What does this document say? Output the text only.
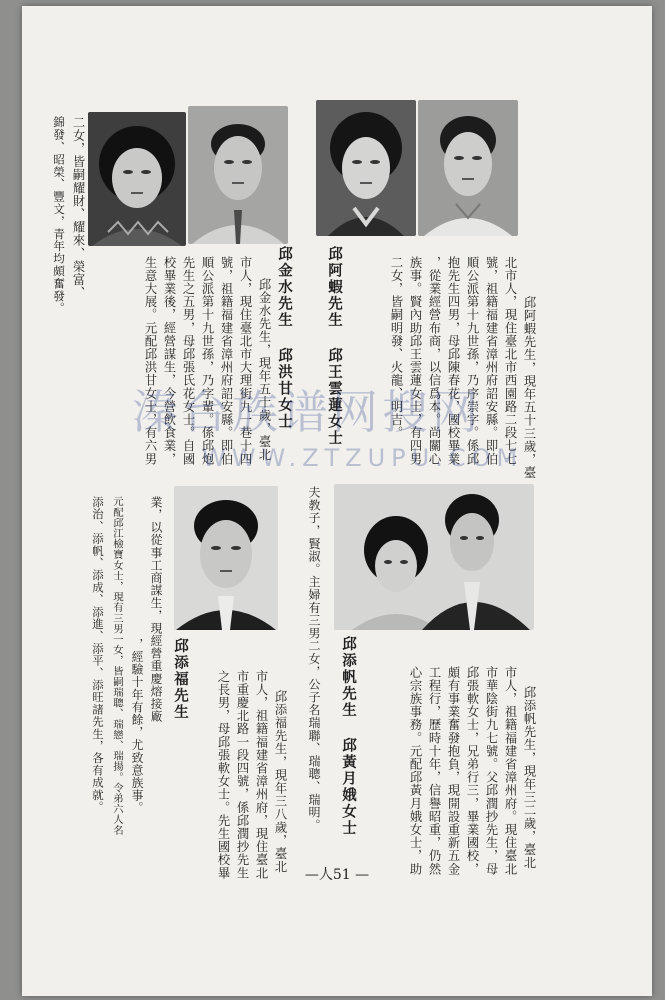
邱阿蝦先生 邱王雲蓮女士	邱阿蝦先生，現年五十三歲，臺
北市人，現住臺北市西園路二段七七
號，祖籍福建省漳州府詔安縣。即伯
順公派第十九世孫，乃序崇字。係邱
抱先生四男，母邱陳春花，國校畢業
，從業經營布商，以信爲本。尚關心
族事。賢內助邱王雲蓮女士，有四男
二女，皆嗣明發、火龍、明吉。
邱金水先生 邱洪甘女士
邱金水先生，現年五十歲，臺北
市人，現住臺北市大理街九一巷十四
號，祖籍福建省漳州府詔安縣。即伯
順公派第十九世孫，乃字輩。係邱炮
先生之五男，母邱張氏花女士。自國
校畢業後，經營謀生，今營飲食業，
生意大展。元配邱洪甘女士，有六男
二女，皆嗣耀財、耀來、榮富、
錦發、昭榮、豐文，青年均頗奮發。
夫教子，賢淑。主婦有三男二女，公子名瑞聯、瑞聰、瑞明。 邱添帆先生 邱黃月娥女士	邱添帆先生，現年三二歲，臺北
市人，祖籍福建省漳州府。現住臺北
市華陰街九七號。父邱潤抄先生，母
邱張軟女士，兄弟行三，畢業國校，
頗有事業奮發抱負，現開設重新五金
工程行，歷時十年，信譽昭重，仍然
心宗族事務。元配邱黃月娥女士，助
邱添福先生
邱添福先生，現年三八歲，臺北
市人，祖籍福建省漳州府，現住臺北
市重慶北路一段四號，係邱潤抄先生
之長男，母邱張軟女士。先生國校畢
業，以從事工商謀生，現經營重慶熔接廠
，經驗十年有餘，尤致意族事。
元配邱江檢寶女士，現有三男一女，皆嗣瑞聰、瑞戀、瑞揚。令弟六人名
添治、添帆、添成、添進、添平、添旺諸先生，各有成就。
溱台族谱网搜网
WWW.ZTZUPU.COM
—人51 —
